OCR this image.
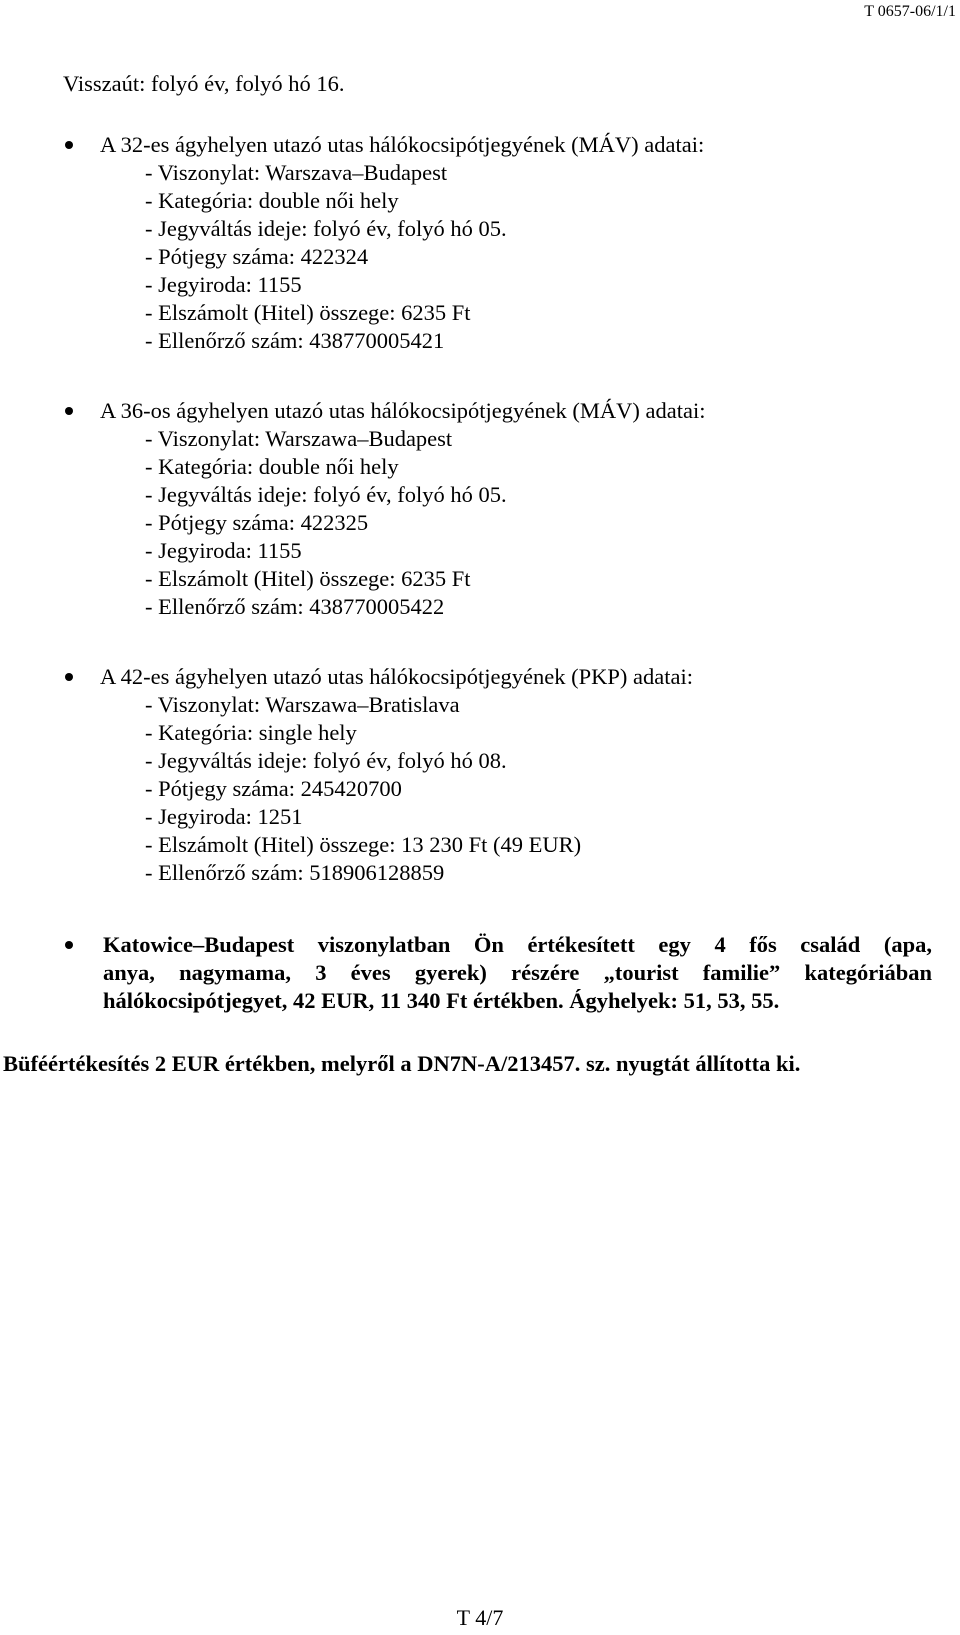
T 0657-06/1/1
Visszaút: folyó év, folyó hó 16.
A 32-es ágyhelyen utazó utas hálókocsipótjegyének (MÁV) adatai:
- Viszonylat: Warszava–Budapest
- Kategória: double női hely
- Jegyváltás ideje: folyó év, folyó hó 05.
- Pótjegy száma: 422324
- Jegyiroda: 1155
- Elszámolt (Hitel) összege: 6235 Ft
- Ellenőrző szám: 438770005421
A 36-os ágyhelyen utazó utas hálókocsipótjegyének (MÁV) adatai:
- Viszonylat: Warszawa–Budapest
- Kategória: double női hely
- Jegyváltás ideje: folyó év, folyó hó 05.
- Pótjegy száma: 422325
- Jegyiroda: 1155
- Elszámolt (Hitel) összege: 6235 Ft
- Ellenőrző szám: 438770005422
A 42-es ágyhelyen utazó utas hálókocsipótjegyének (PKP) adatai:
- Viszonylat: Warszawa–Bratislava
- Kategória: single hely
- Jegyváltás ideje: folyó év, folyó hó 08.
- Pótjegy száma: 245420700
- Jegyiroda: 1251
- Elszámolt (Hitel) összege: 13 230 Ft (49 EUR)
- Ellenőrző szám: 518906128859
Katowice–Budapest viszonylatban Ön értékesített egy 4 fős család (apa,
anya, nagymama, 3 éves gyerek) részére „tourist familie” kategóriában
hálókocsipótjegyet, 42 EUR, 11 340 Ft értékben. Ágyhelyek: 51, 53, 55.
Büféértékesítés 2 EUR értékben, melyről a DN7N-A/213457. sz. nyugtát állította ki.
T 4/7
